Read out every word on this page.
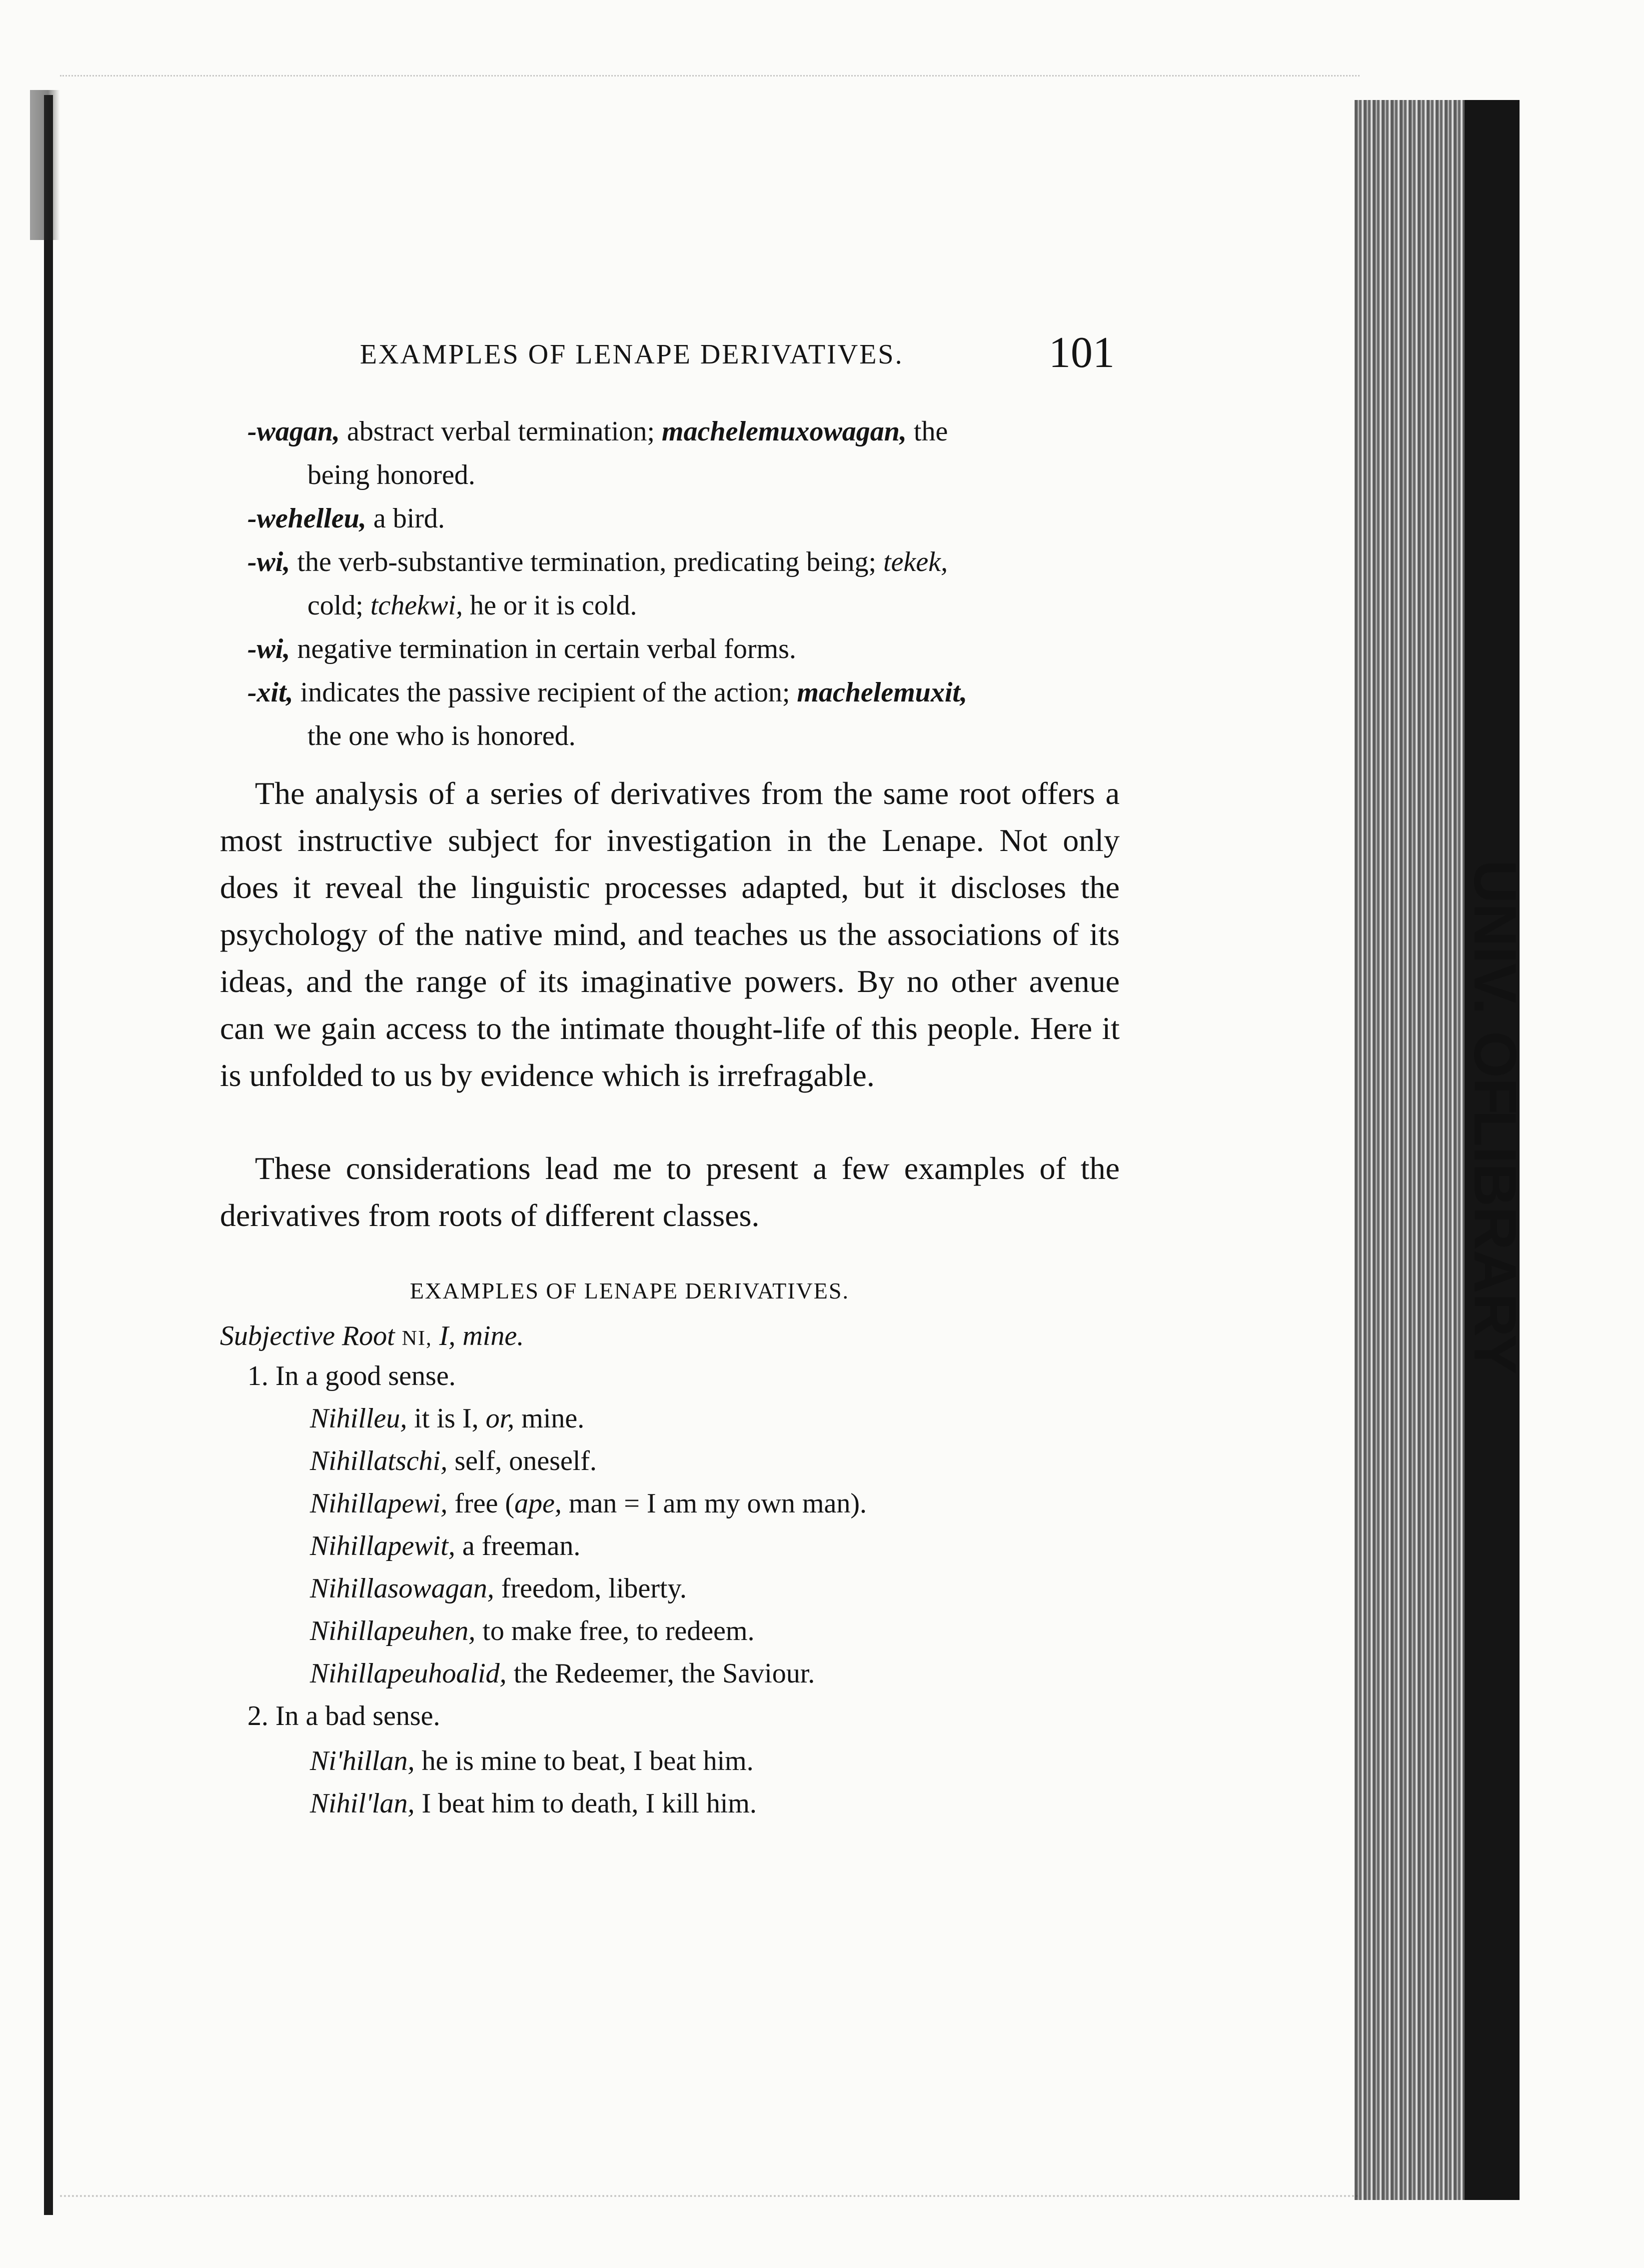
UNIV. OF
LIBRARY
EXAMPLES OF LENAPE DERIVATIVES.	101
-wagan, abstract verbal termination; machelemuxowagan, the
being honored.
-wehelleu, a bird.
-wi, the verb-substantive termination, predicating being; tekek,
cold; tchekwi, he or it is cold.
-wi, negative termination in certain verbal forms.
-xit, indicates the passive recipient of the action; machelemuxit,
the one who is honored.

The analysis of a series of derivatives from the same root offers a most instructive subject for investigation in the Lenape. Not only does it reveal the linguistic processes adapted, but it discloses the psychology of the native mind, and teaches us the associations of its ideas, and the range of its imaginative powers. By no other avenue can we gain access to the intimate thought-life of this people. Here it is unfolded to us by evidence which is irrefragable.

These considerations lead me to present a few examples of the derivatives from roots of different classes.

EXAMPLES OF LENAPE DERIVATIVES.
Subjective Root NI, I, mine.
1. In a good sense.
Nihilleu, it is I, or, mine.
Nihillatschi, self, oneself.
Nihillapewi, free (ape, man = I am my own man).
Nihillapewit, a freeman.
Nihillasowagan, freedom, liberty.
Nihillapeuhen, to make free, to redeem.
Nihillapeuhoalid, the Redeemer, the Saviour.
2. In a bad sense.
Ni'hillan, he is mine to beat, I beat him.
Nihil'lan, I beat him to death, I kill him.
